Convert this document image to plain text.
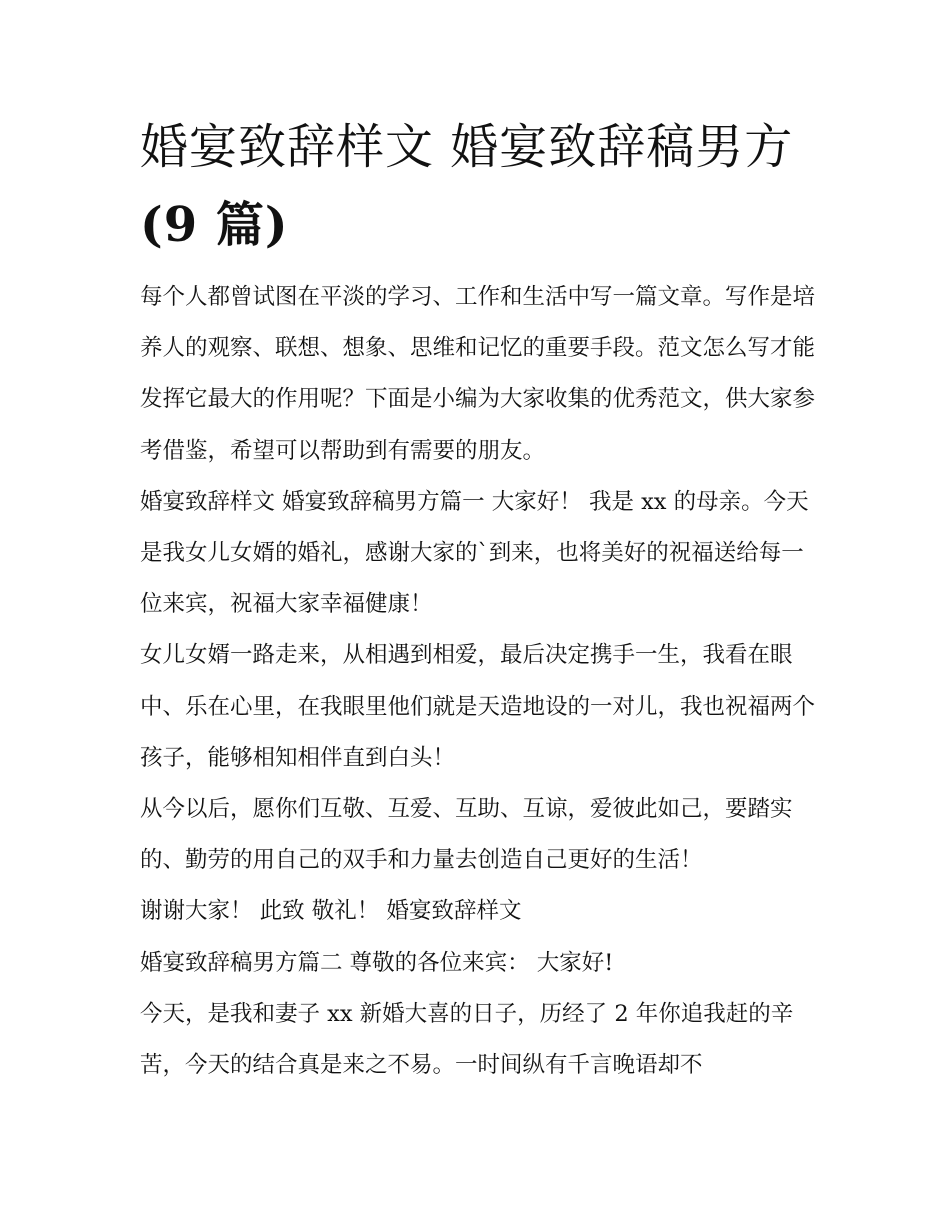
婚宴致辞样文 婚宴致辞稿男方
(9 篇)

每个人都曾试图在平淡的学习、工作和生活中写一篇文章。写作是培养人的观察、联想、想象、思维和记忆的重要手段。范文怎么写才能发挥它最大的作用呢？下面是小编为大家收集的优秀范文，供大家参考借鉴，希望可以帮助到有需要的朋友。

婚宴致辞样文 婚宴致辞稿男方篇一 大家好！ 我是 xx 的母亲。今天是我女儿女婿的婚礼，感谢大家的`到来，也将美好的祝福送给每一位来宾，祝福大家幸福健康！

女儿女婿一路走来，从相遇到相爱，最后决定携手一生，我看在眼中、乐在心里，在我眼里他们就是天造地设的一对儿，我也祝福两个孩子，能够相知相伴直到白头！

从今以后，愿你们互敬、互爱、互助、互谅，爱彼此如己，要踏实的、勤劳的用自己的双手和力量去创造自己更好的生活！

谢谢大家！ 此致 敬礼！ 婚宴致辞样文

婚宴致辞稿男方篇二 尊敬的各位来宾： 大家好!

今天，是我和妻子 xx 新婚大喜的日子，历经了 2 年你追我赶的辛苦，今天的结合真是来之不易。一时间纵有千言晚语却不
